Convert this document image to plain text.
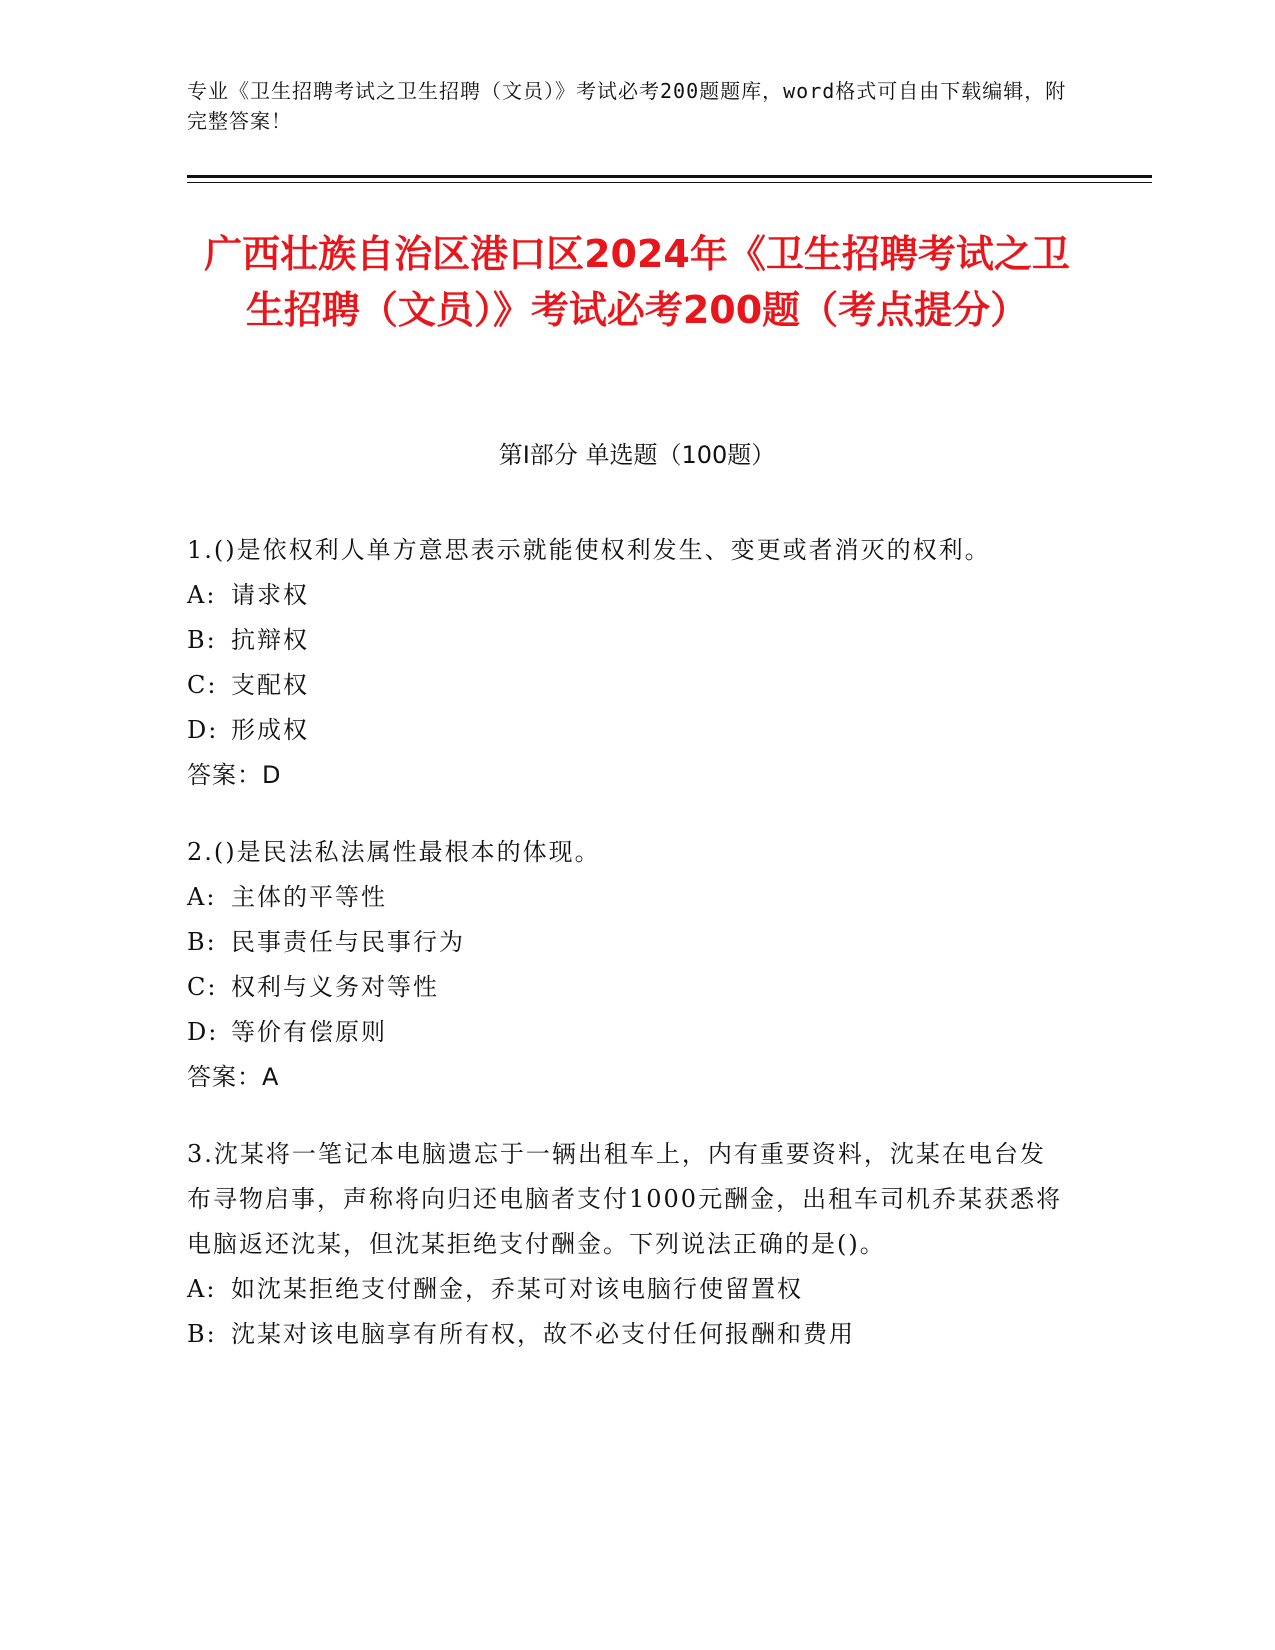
专业《卫生招聘考试之卫生招聘（文员）》考试必考200题题库，word格式可自由下载编辑，附完整答案！
广西壮族自治区港口区2024年《卫生招聘考试之卫生招聘（文员）》考试必考200题（考点提分）
第I部分 单选题（100题）

1.()是依权利人单方意思表示就能使权利发生、变更或者消灭的权利。

A: 请求权

B: 抗辩权

C: 支配权

D: 形成权

答案：D

2.()是民法私法属性最根本的体现。

A: 主体的平等性

B: 民事责任与民事行为

C: 权利与义务对等性

D: 等价有偿原则

答案：A

3.沈某将一笔记本电脑遗忘于一辆出租车上，内有重要资料，沈某在电台发布寻物启事，声称将向归还电脑者支付1000元酬金，出租车司机乔某获悉将电脑返还沈某，但沈某拒绝支付酬金。下列说法正确的是()。

A: 如沈某拒绝支付酬金，乔某可对该电脑行使留置权

B: 沈某对该电脑享有所有权，故不必支付任何报酬和费用
